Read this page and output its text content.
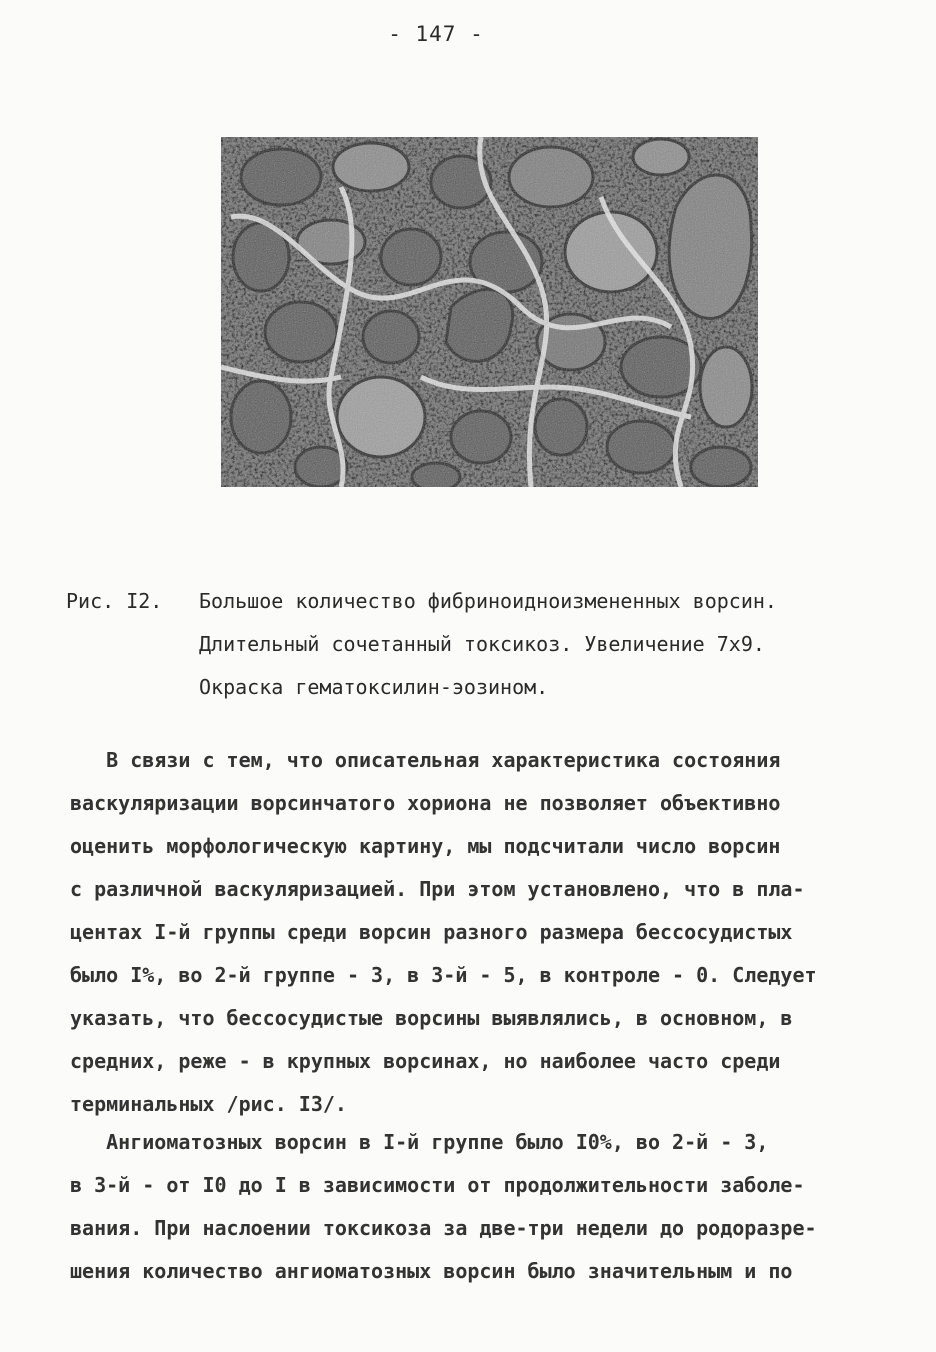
- 147 -
Рис. I2. Большое количество фибриноидноизмененных ворсин.
Длительный сочетанный токсикоз. Увеличение 7x9.
Окраска гематоксилин-эозином.
В связи с тем, что описательная характеристика состояния
васкуляризации ворсинчатого хориона не позволяет объективно
оценить морфологическую картину, мы подсчитали число ворсин
с различной васкуляризацией. При этом установлено, что в пла-
центах I-й группы среди ворсин разного размера бессосудистых
было I%, во 2-й группе - 3, в 3-й - 5, в контроле - 0. Следует
указать, что бессосудистые ворсины выявлялись, в основном, в
средних, реже - в крупных ворсинах, но наиболее часто среди
терминальных /рис. I3/.
Ангиоматозных ворсин в I-й группе было I0%, во 2-й - 3,
в 3-й - от I0 до I в зависимости от продолжительности заболе-
вания. При наслоении токсикоза за две-три недели до родоразре-
шения количество ангиоматозных ворсин было значительным и по
